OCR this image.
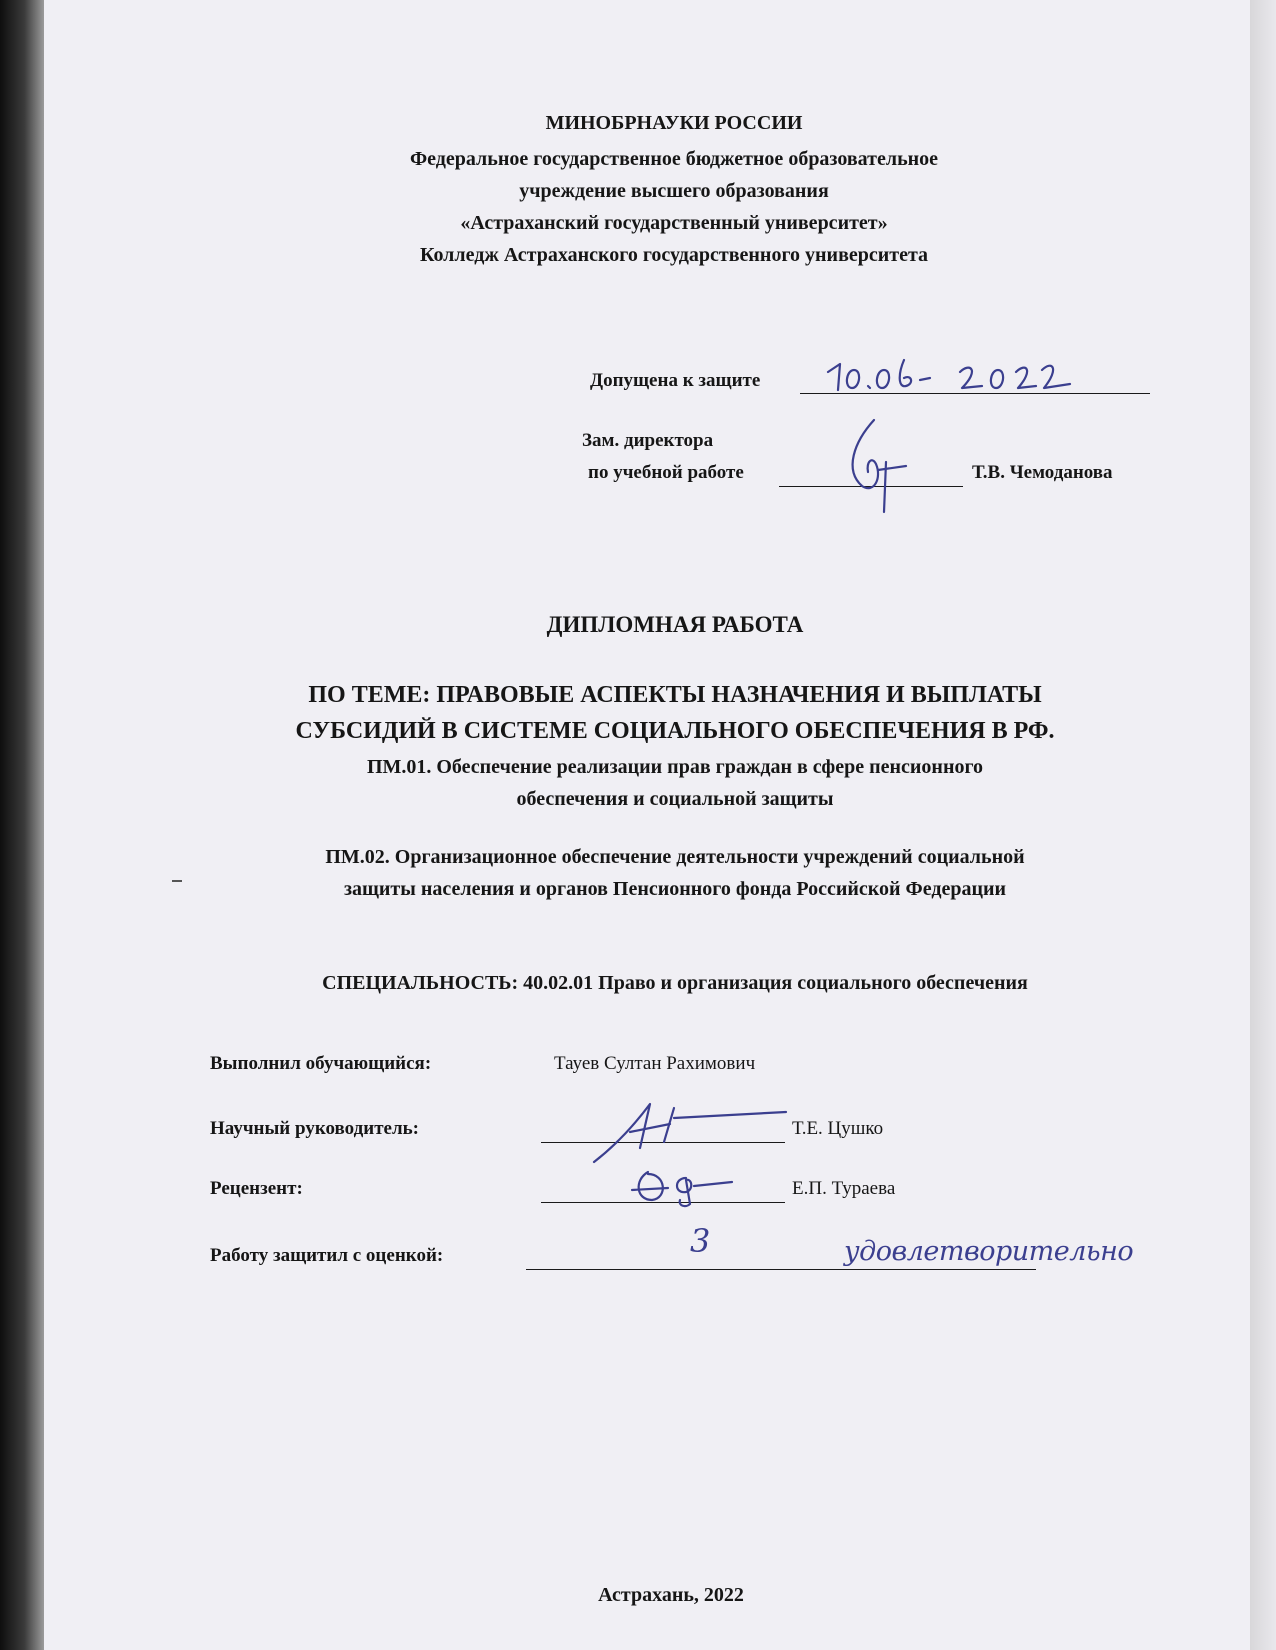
МИНОБРНАУКИ РОССИИ
Федеральное государственное бюджетное образовательное
учреждение высшего образования
«Астраханский государственный университет»
Колледж Астраханского государственного университета
Допущена к защите
Зам. директора
по учебной работе	Т.В. Чемоданова
ДИПЛОМНАЯ РАБОТА
ПО ТЕМЕ: ПРАВОВЫЕ АСПЕКТЫ НАЗНАЧЕНИЯ И ВЫПЛАТЫ
СУБСИДИЙ В СИСТЕМЕ СОЦИАЛЬНОГО ОБЕСПЕЧЕНИЯ В РФ.
ПМ.01. Обеспечение реализации прав граждан в сфере пенсионного
обеспечения и социальной защиты
ПМ.02. Организационное обеспечение деятельности учреждений социальной
защиты населения и органов Пенсионного фонда Российской Федерации
СПЕЦИАЛЬНОСТЬ: 40.02.01 Право и организация социального обеспечения
Выполнил обучающийся:	Тауев Султан Рахимович
Научный руководитель:	Т.Е. Цушко
Рецензент:	Е.П. Тураева
Работу защитил с оценкой:	3	удовлетворительно
Астрахань, 2022
